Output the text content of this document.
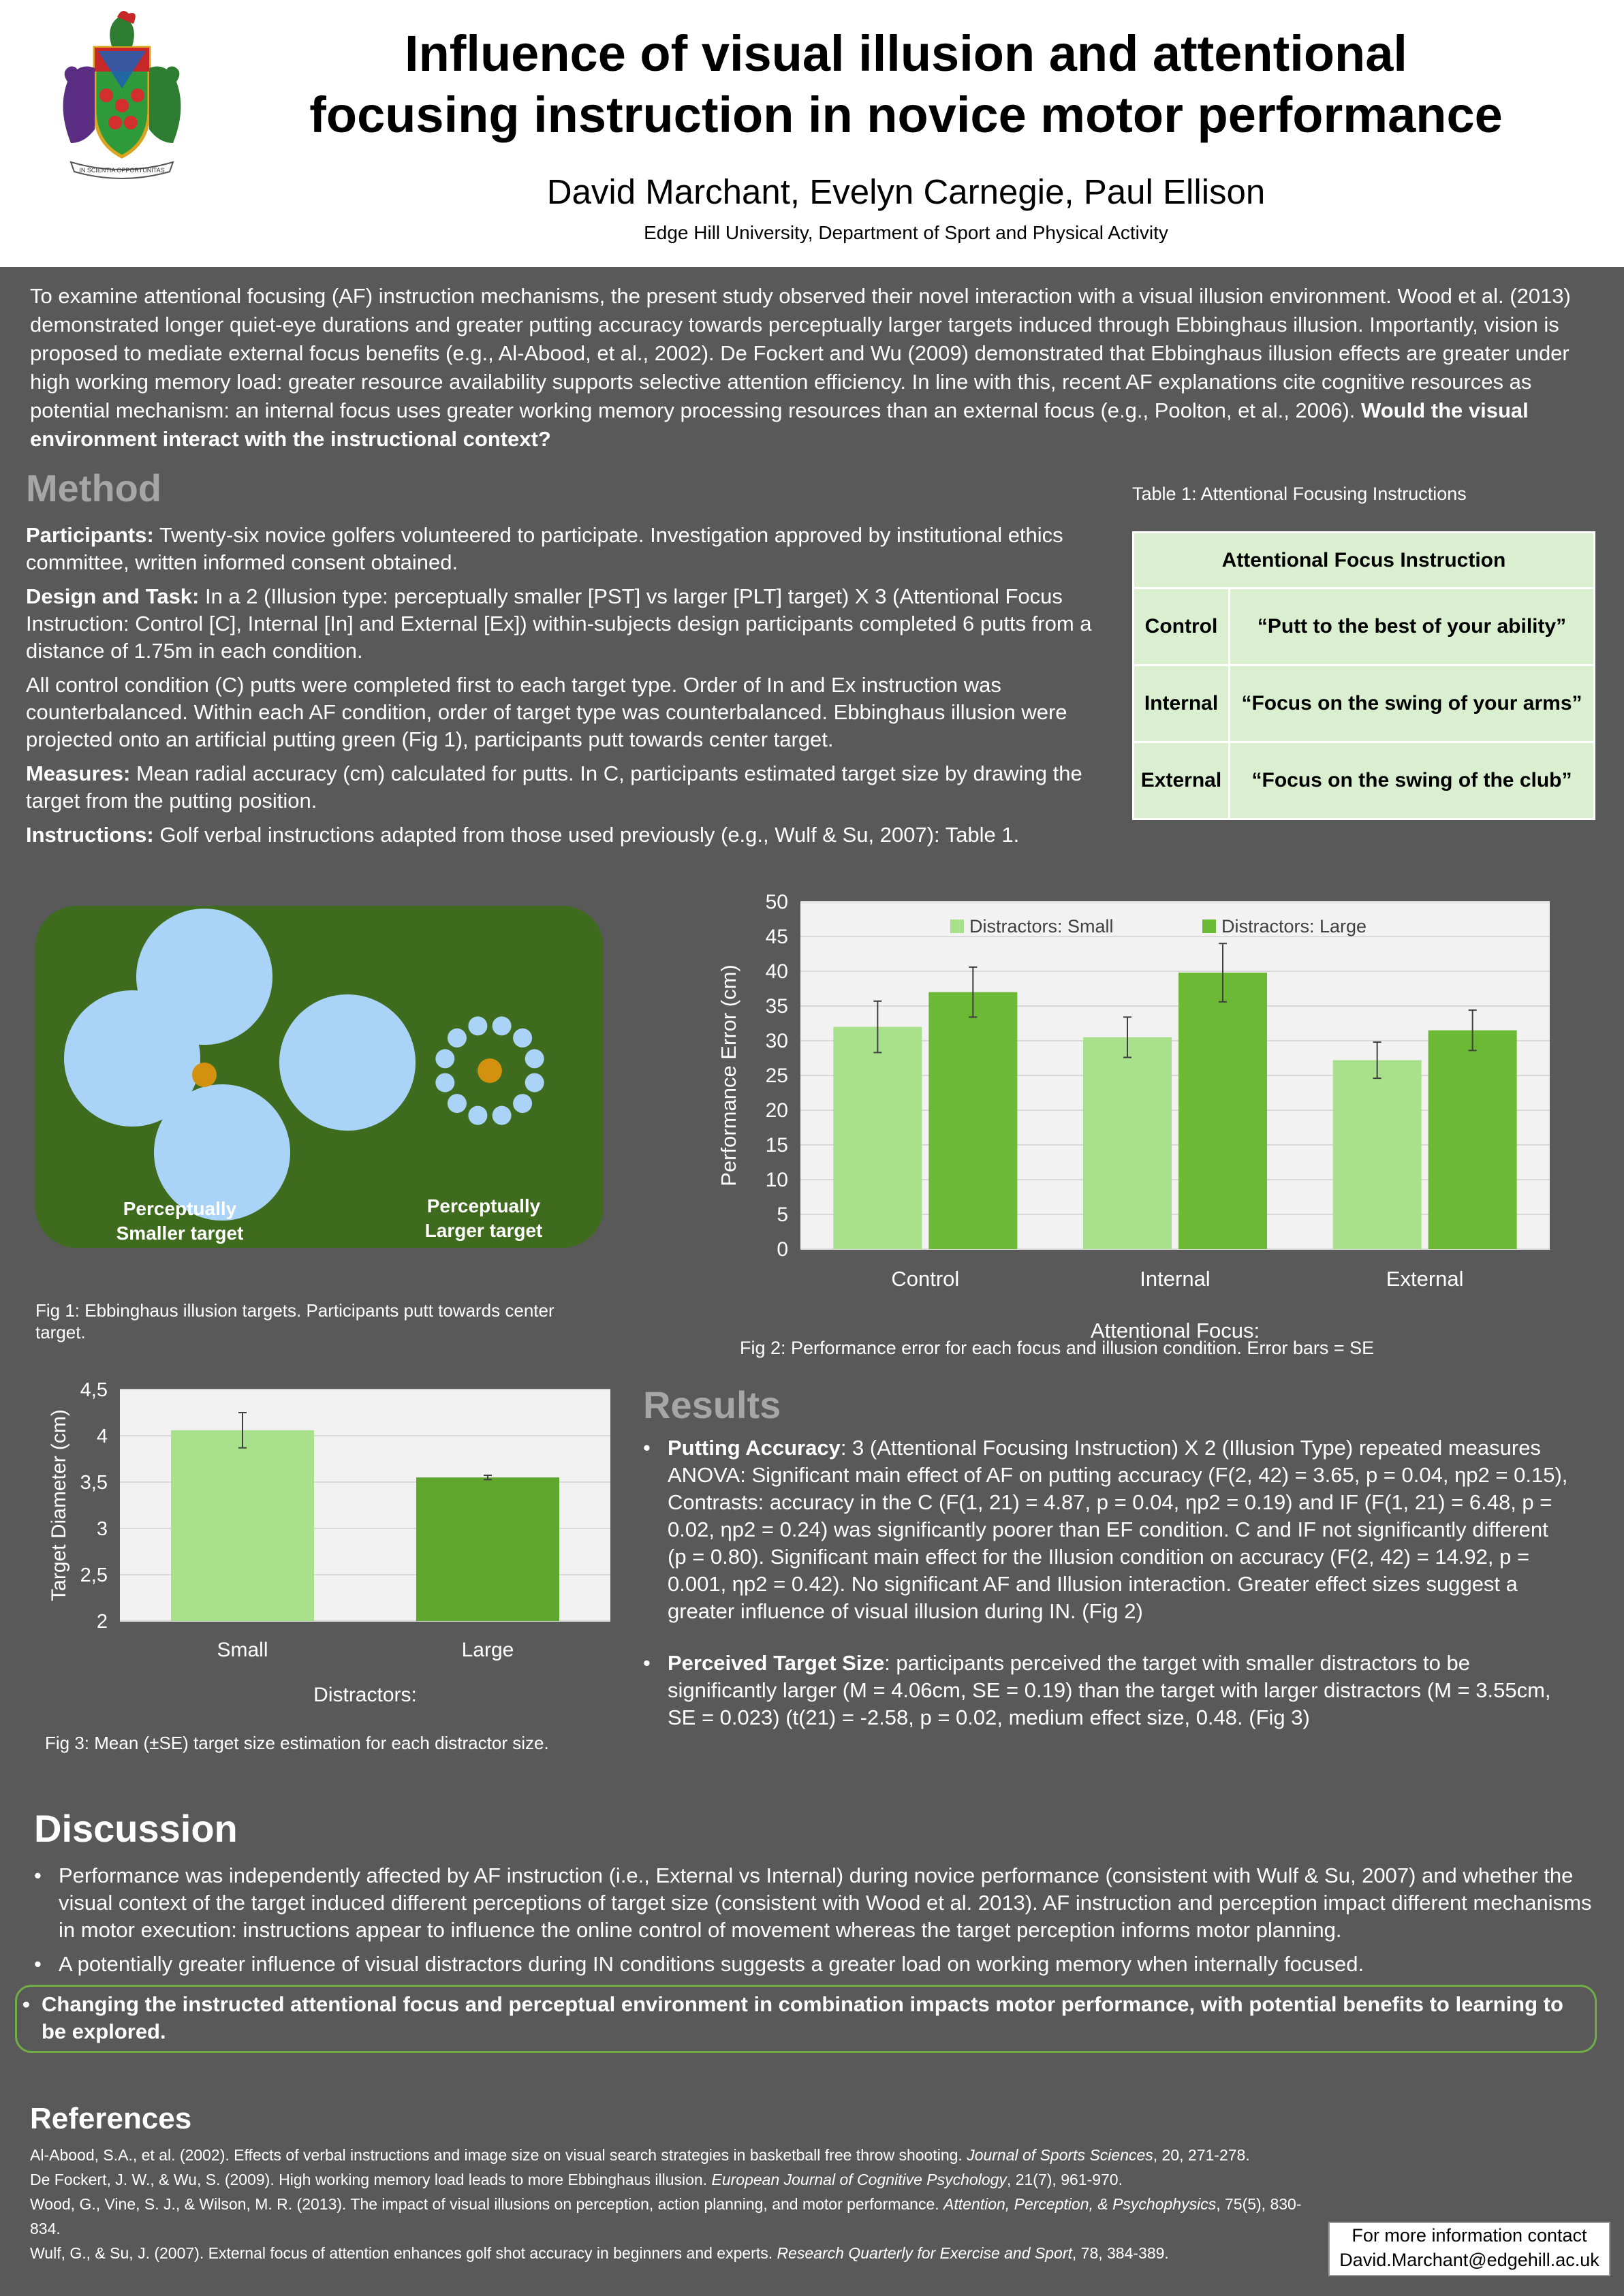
IN SCIENTIA OPPORTUNITAS
Influence of visual illusion and attentional
focusing instruction in novice motor performance
David Marchant, Evelyn Carnegie, Paul Ellison
Edge Hill University, Department of Sport and Physical Activity
To examine attentional focusing (AF) instruction mechanisms, the present study observed their novel interaction with a visual illusion environment. Wood et al. (2013) demonstrated longer quiet-eye durations and greater putting accuracy towards perceptually larger targets induced through Ebbinghaus illusion. Importantly, vision is proposed to mediate external focus benefits (e.g., Al-Abood, et al., 2002). De Fockert and Wu (2009) demonstrated that Ebbinghaus illusion effects are greater under high working memory load: greater resource availability supports selective attention efficiency. In line with this, recent AF explanations cite cognitive resources as potential mechanism: an internal focus uses greater working memory processing resources than an external focus (e.g., Poolton, et al., 2006). Would the visual environment interact with the instructional context?
Method

Participants: Twenty-six novice golfers volunteered to participate. Investigation approved by institutional ethics committee, written informed consent obtained.

Design and Task: In a 2 (Illusion type: perceptually smaller [PST] vs larger [PLT] target) X 3 (Attentional Focus Instruction: Control [C], Internal [In] and External [Ex]) within-subjects design participants completed 6 putts from a distance of 1.75m in each condition.

All control condition (C) putts were completed first to each target type. Order of In and Ex instruction was counterbalanced. Within each AF condition, order of target type was counterbalanced. Ebbinghaus illusion were projected onto an artificial putting green (Fig 1), participants putt towards center target.

Measures: Mean radial accuracy (cm) calculated for putts. In C, participants estimated target size by drawing the target from the putting position.

Instructions: Golf verbal instructions adapted from those used previously (e.g., Wulf & Su, 2007): Table 1.

Table 1: Attentional Focusing Instructions
Attentional Focus Instruction	
Control	“Putt to the best of your ability”
Internal	“Focus on the swing of your arms”
External	“Focus on the swing of the club”
Perceptually
Smaller target
Perceptually
Larger target
Fig 1: Ebbinghaus illusion targets. Participants putt towards center target.
0
5
10
15
20
25
30
35
40
45
50
Control	Internal	External
Distractors: Small	Distractors: Large
Attentional Focus:
Performance Error (cm)
Fig 2: Performance error for each focus and illusion condition. Error bars = SE
2
2,5
3
3,5
4
4,5
Small	Large
Distractors:
Target Diameter (cm)
Fig 3: Mean (±SE) target size estimation for each distractor size.
Results
• Putting Accuracy: 3 (Attentional Focusing Instruction) X 2 (Illusion Type) repeated measures ANOVA: Significant main effect of AF on putting accuracy (F(2, 42) = 3.65, p = 0.04, ηp2 = 0.15), Contrasts: accuracy in the C (F(1, 21) = 4.87, p = 0.04, ηp2 = 0.19) and IF (F(1, 21) = 6.48, p = 0.02, ηp2 = 0.24) was significantly poorer than EF condition. C and IF not significantly different (p = 0.80). Significant main effect for the Illusion condition on accuracy (F(2, 42) = 14.92, p = 0.001, ηp2 = 0.42). No significant AF and Illusion interaction. Greater effect sizes suggest a greater influence of visual illusion during IN. (Fig 2)
• Perceived Target Size: participants perceived the target with smaller distractors to be significantly larger (M = 4.06cm, SE = 0.19) than the target with larger distractors (M = 3.55cm, SE = 0.023) (t(21) = -2.58, p = 0.02, medium effect size, 0.48. (Fig 3)
Discussion
• Performance was independently affected by AF instruction (i.e., External vs Internal) during novice performance (consistent with Wulf & Su, 2007) and whether the visual context of the target induced different perceptions of target size (consistent with Wood et al. 2013). AF instruction and perception impact different mechanisms in motor execution: instructions appear to influence the online control of movement whereas the target perception informs motor planning.
• A potentially greater influence of visual distractors during IN conditions suggests a greater load on working memory when internally focused.
• Changing the instructed attentional focus and perceptual environment in combination impacts motor performance, with potential benefits to learning to be explored.
References
Al-Abood, S.A., et al. (2002). Effects of verbal instructions and image size on visual search strategies in basketball free throw shooting. Journal of Sports Sciences, 20, 271-278.
De Fockert, J. W., & Wu, S. (2009). High working memory load leads to more Ebbinghaus illusion. European Journal of Cognitive Psychology, 21(7), 961-970.
Wood, G., Vine, S. J., & Wilson, M. R. (2013). The impact of visual illusions on perception, action planning, and motor performance. Attention, Perception, & Psychophysics, 75(5), 830-834.
Wulf, G., & Su, J. (2007). External focus of attention enhances golf shot accuracy in beginners and experts. Research Quarterly for Exercise and Sport, 78, 384-389.
For more information contact
David.Marchant@edgehill.ac.uk
